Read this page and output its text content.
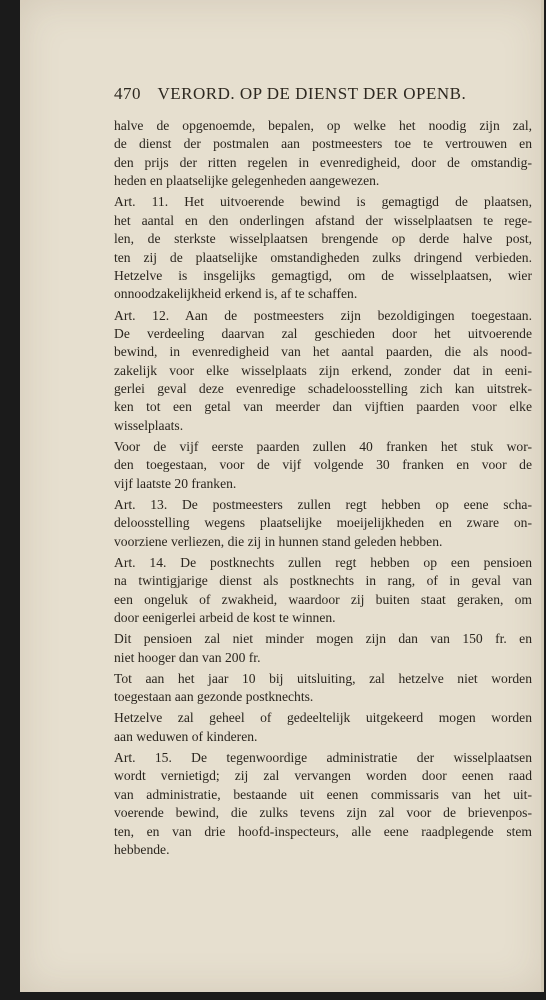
470 VERORD. OP DE DIENST DER OPENB.
halve de opgenoemde, bepalen, op welke het noodig zijn zal,
de dienst der postmalen aan postmeesters toe te vertrouwen en
den prijs der ritten regelen in evenredigheid, door de omstandig-
heden en plaatselijke gelegenheden aangewezen.
Art. 11. Het uitvoerende bewind is gemagtigd de plaatsen,
het aantal en den onderlingen afstand der wisselplaatsen te rege-
len, de sterkste wisselplaatsen brengende op derde halve post,
ten zij de plaatselijke omstandigheden zulks dringend verbieden.
Hetzelve is insgelijks gemagtigd, om de wisselplaatsen, wier
onnoodzakelijkheid erkend is, af te schaffen.
Art. 12. Aan de postmeesters zijn bezoldigingen toegestaan.
De verdeeling daarvan zal geschieden door het uitvoerende
bewind, in evenredigheid van het aantal paarden, die als nood-
zakelijk voor elke wisselplaats zijn erkend, zonder dat in eeni-
gerlei geval deze evenredige schadeloosstelling zich kan uitstrek-
ken tot een getal van meerder dan vijftien paarden voor elke
wisselplaats.
Voor de vijf eerste paarden zullen 40 franken het stuk wor-
den toegestaan, voor de vijf volgende 30 franken en voor de
vijf laatste 20 franken.
Art. 13. De postmeesters zullen regt hebben op eene scha-
deloosstelling wegens plaatselijke moeijelijkheden en zware on-
voorziene verliezen, die zij in hunnen stand geleden hebben.
Art. 14. De postknechts zullen regt hebben op een pensioen
na twintigjarige dienst als postknechts in rang, of in geval van
een ongeluk of zwakheid, waardoor zij buiten staat geraken, om
door eenigerlei arbeid de kost te winnen.
Dit pensioen zal niet minder mogen zijn dan van 150 fr. en
niet hooger dan van 200 fr.
Tot aan het jaar 10 bij uitsluiting, zal hetzelve niet worden
toegestaan aan gezonde postknechts.
Hetzelve zal geheel of gedeeltelijk uitgekeerd mogen worden
aan weduwen of kinderen.
Art. 15. De tegenwoordige administratie der wisselplaatsen
wordt vernietigd; zij zal vervangen worden door eenen raad
van administratie, bestaande uit eenen commissaris van het uit-
voerende bewind, die zulks tevens zijn zal voor de brievenpos-
ten, en van drie hoofd-inspecteurs, alle eene raadplegende stem
hebbende.
